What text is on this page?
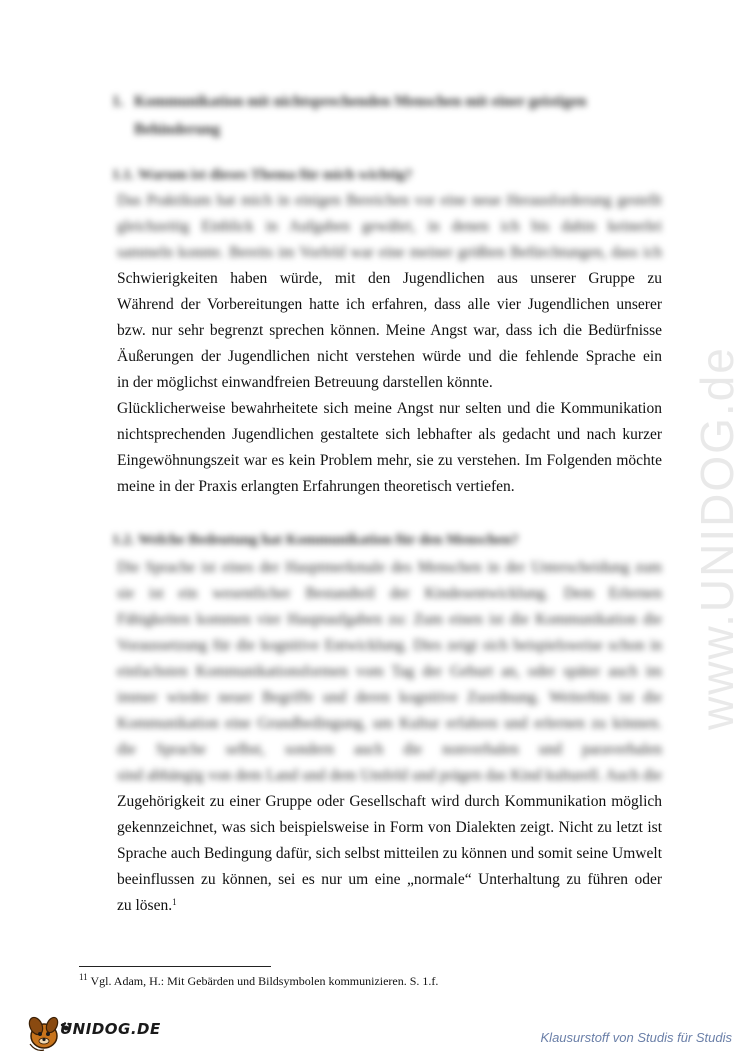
www.UNIDOG.de
1. Kommunikation mit nichtsprechenden Menschen mit einer geistigen
Behinderung
1.1. Warum ist dieses Thema für mich wichtig?
Das Praktikum hat mich in einigen Bereichen vor eine neue Herausforderung gestellt
gleichzeitig Einblick in Aufgaben gewährt, in denen ich bis dahin keinerlei
sammeln konnte. Bereits im Vorfeld war eine meiner größten Befürchtungen, dass ich
Schwierigkeiten haben würde, mit den Jugendlichen aus unserer Gruppe zu
Während der Vorbereitungen hatte ich erfahren, dass alle vier Jugendlichen unserer
bzw. nur sehr begrenzt sprechen können. Meine Angst war, dass ich die Bedürfnisse
Äußerungen der Jugendlichen nicht verstehen würde und die fehlende Sprache ein
in der möglichst einwandfreien Betreuung darstellen könnte.
Glücklicherweise bewahrheitete sich meine Angst nur selten und die Kommunikation
nichtsprechenden Jugendlichen gestaltete sich lebhafter als gedacht und nach kurzer
Eingewöhnungszeit war es kein Problem mehr, sie zu verstehen. Im Folgenden möchte
meine in der Praxis erlangten Erfahrungen theoretisch vertiefen.
1.2. Welche Bedeutung hat Kommunikation für den Menschen?
Die Sprache ist eines der Hauptmerkmale des Menschen in der Unterscheidung zum
sie ist ein wesentlicher Bestandteil der Kindesentwicklung. Dem Erlernen
Fähigkeiten kommen vier Hauptaufgaben zu: Zum einen ist die Kommunikation die
Voraussetzung für die kognitive Entwicklung. Dies zeigt sich beispielsweise schon in
einfachsten Kommunikationsformen vom Tag der Geburt an, oder später auch im
immer wieder neuer Begriffe und deren kognitive Zuordnung. Weiterhin ist die
Kommunikation eine Grundbedingung, um Kultur erfahren und erlernen zu können.
die Sprache selbst, sondern auch die nonverbalen und paraverbalen
sind abhängig von dem Land und dem Umfeld und prägen das Kind kulturell. Auch die
Zugehörigkeit zu einer Gruppe oder Gesellschaft wird durch Kommunikation möglich
gekennzeichnet, was sich beispielsweise in Form von Dialekten zeigt. Nicht zu letzt ist
Sprache auch Bedingung dafür, sich selbst mitteilen zu können und somit seine Umwelt
beeinflussen zu können, sei es nur um eine „normale“ Unterhaltung zu führen oder
zu lösen.$^1$
$^{11}$ Vgl. Adam, H.: Mit Gebärden und Bildsymbolen kommunizieren. S. 1.f.
UNIDOG.DE	Klausurstoff von Studis für Studis
